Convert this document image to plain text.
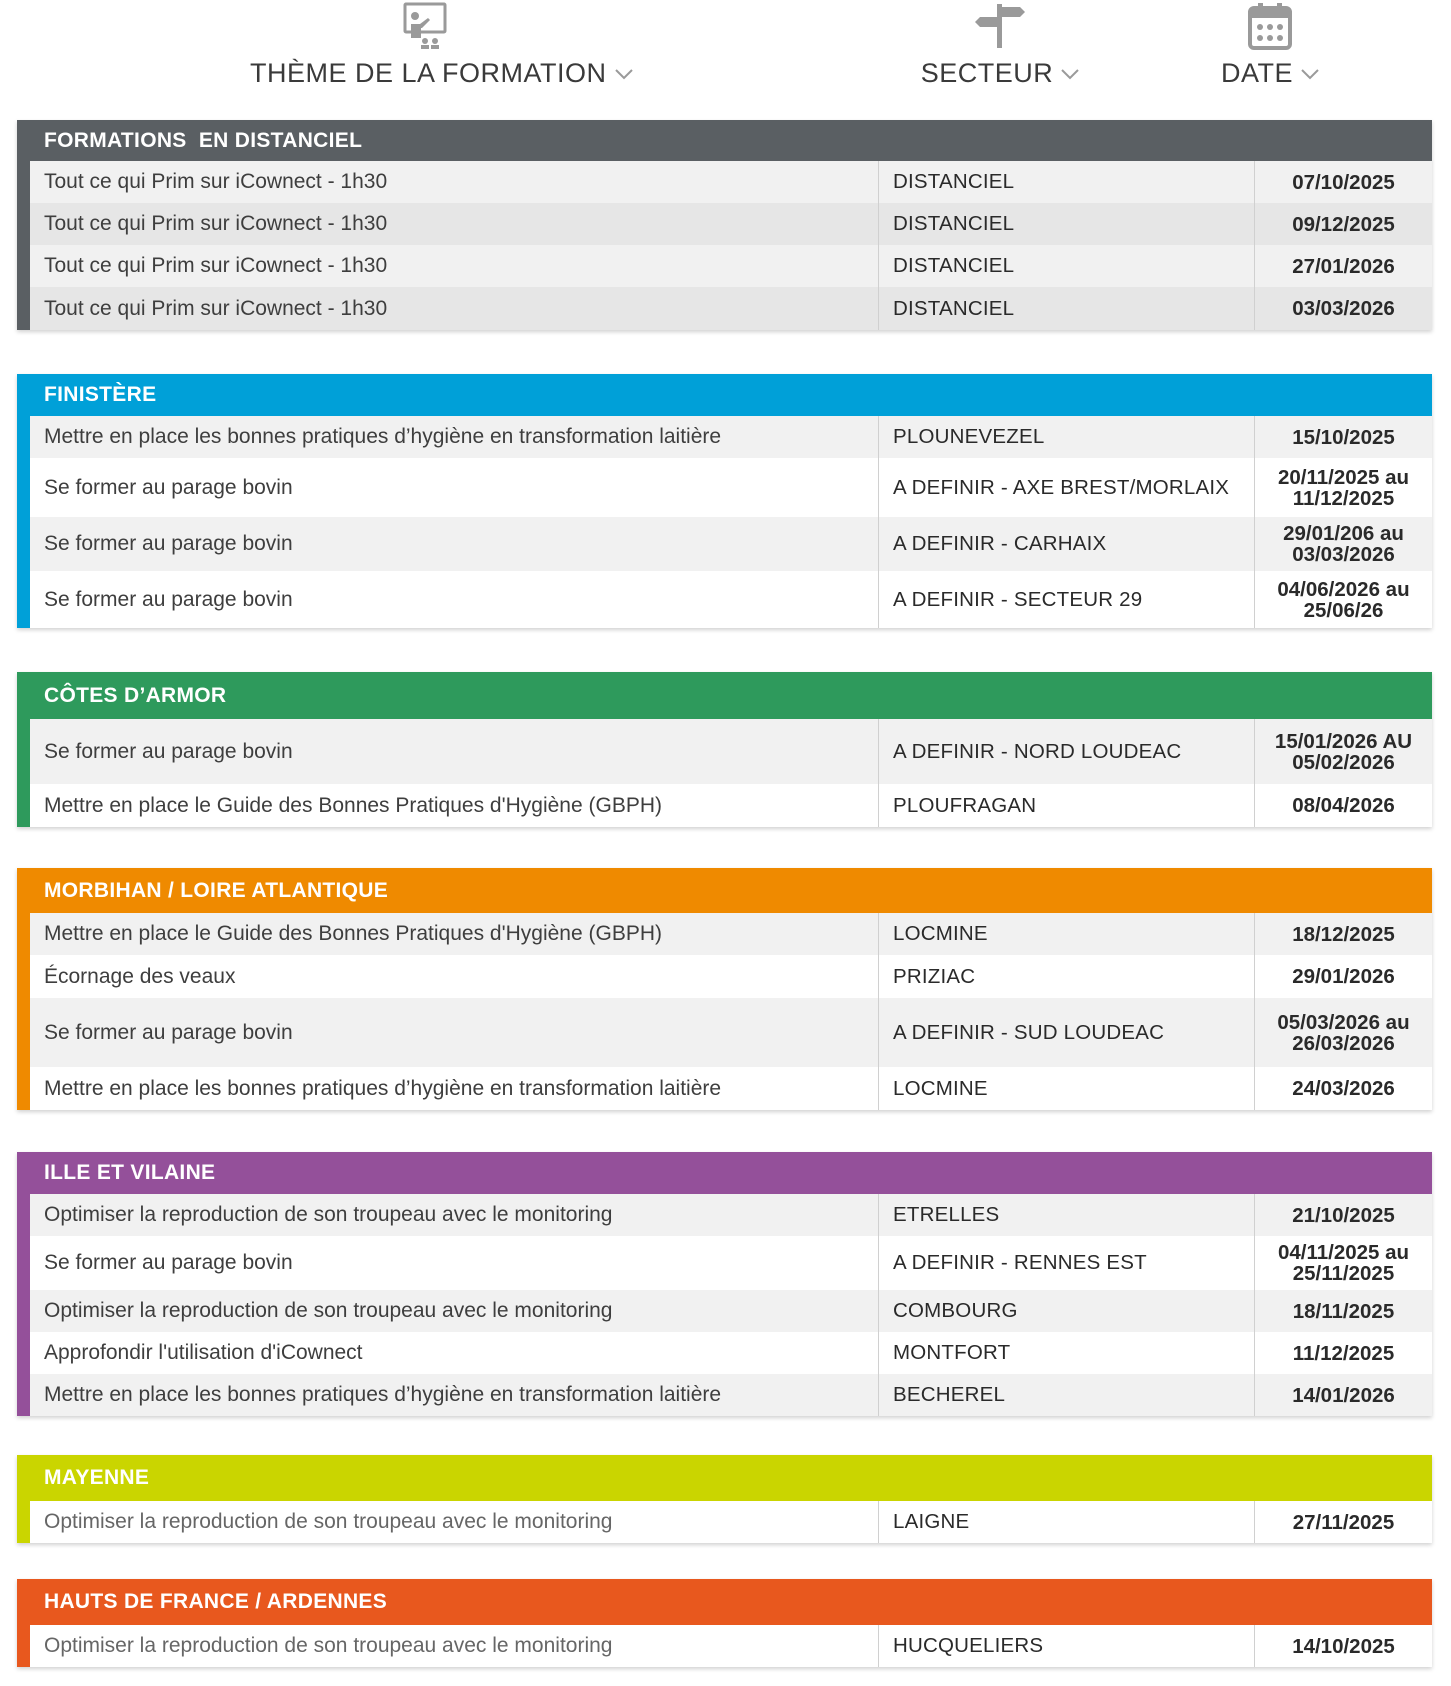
THÈME DE LA FORMATION	SECTEUR	DATE
FORMATIONS  EN DISTANCIEL
Tout ce qui Prim sur iCownect - 1h30	DISTANCIEL	07/10/2025
Tout ce qui Prim sur iCownect - 1h30	DISTANCIEL	09/12/2025
Tout ce qui Prim sur iCownect - 1h30	DISTANCIEL	27/01/2026
Tout ce qui Prim sur iCownect - 1h30	DISTANCIEL	03/03/2026
FINISTÈRE
Mettre en place les bonnes pratiques d’hygiène en transformation laitière	PLOUNEVEZEL	15/10/2025
Se former au parage bovin	A DEFINIR - AXE BREST/MORLAIX	20/11/2025 au
11/12/2025
Se former au parage bovin	A DEFINIR - CARHAIX	29/01/206 au
03/03/2026
Se former au parage bovin	A DEFINIR - SECTEUR 29	04/06/2026 au
25/06/26
CÔTES D’ARMOR
Se former au parage bovin	A DEFINIR - NORD LOUDEAC	15/01/2026 AU
05/02/2026
Mettre en place le Guide des Bonnes Pratiques d'Hygiène (GBPH)	PLOUFRAGAN	08/04/2026
MORBIHAN / LOIRE ATLANTIQUE
Mettre en place le Guide des Bonnes Pratiques d'Hygiène (GBPH)	LOCMINE	18/12/2025
Écornage des veaux	PRIZIAC	29/01/2026
Se former au parage bovin	A DEFINIR - SUD LOUDEAC	05/03/2026 au
26/03/2026
Mettre en place les bonnes pratiques d’hygiène en transformation laitière	LOCMINE	24/03/2026
ILLE ET VILAINE
Optimiser la reproduction de son troupeau avec le monitoring	ETRELLES	21/10/2025
Se former au parage bovin	A DEFINIR - RENNES EST	04/11/2025 au
25/11/2025
Optimiser la reproduction de son troupeau avec le monitoring	COMBOURG	18/11/2025
Approfondir l'utilisation d'iCownect	MONTFORT	11/12/2025
Mettre en place les bonnes pratiques d’hygiène en transformation laitière	BECHEREL	14/01/2026
MAYENNE
Optimiser la reproduction de son troupeau avec le monitoring	LAIGNE	27/11/2025
HAUTS DE FRANCE / ARDENNES
Optimiser la reproduction de son troupeau avec le monitoring	HUCQUELIERS	14/10/2025
